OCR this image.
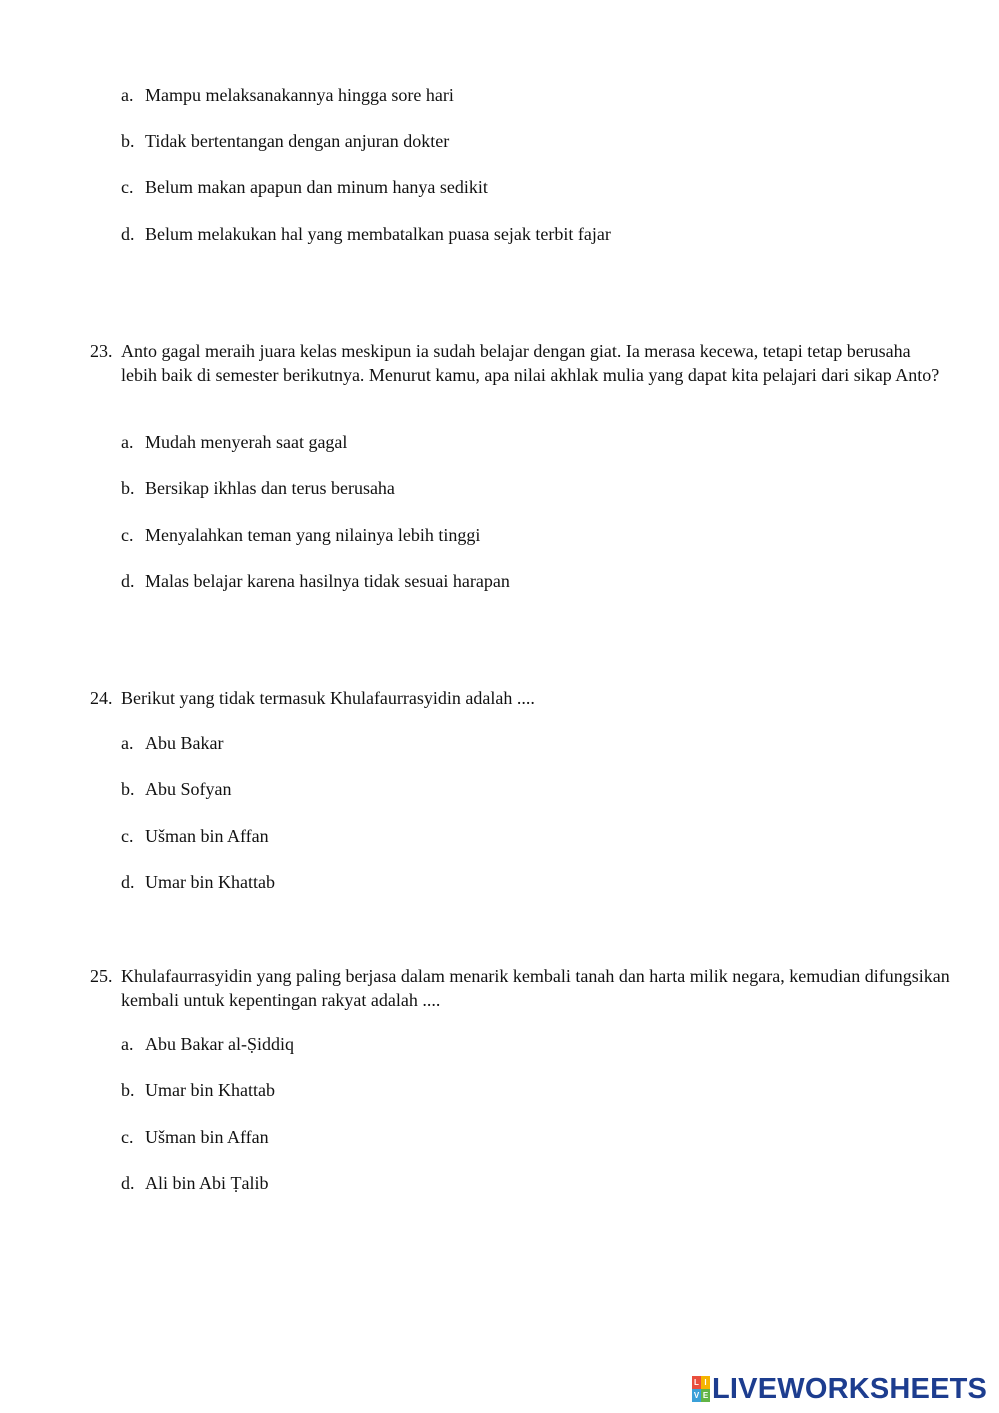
a. Mampu melaksanakannya hingga sore hari
b. Tidak bertentangan dengan anjuran dokter
c. Belum makan apapun dan minum hanya sedikit
d. Belum melakukan hal yang membatalkan puasa sejak terbit fajar
23. Anto gagal meraih juara kelas meskipun ia sudah belajar dengan giat. Ia merasa kecewa, tetapi tetap berusaha lebih baik di semester berikutnya. Menurut kamu, apa nilai akhlak mulia yang dapat kita pelajari dari sikap Anto?
a. Mudah menyerah saat gagal
b. Bersikap ikhlas dan terus berusaha
c. Menyalahkan teman yang nilainya lebih tinggi
d. Malas belajar karena hasilnya tidak sesuai harapan
24. Berikut yang tidak termasuk Khulafaurrasyidin adalah ....
a. Abu Bakar
b. Abu Sofyan
c. Ušman bin Affan
d. Umar bin Khattab
25. Khulafaurrasyidin yang paling berjasa dalam menarik kembali tanah dan harta milik negara, kemudian difungsikan kembali untuk kepentingan rakyat adalah ....
a. Abu Bakar al-Ṣiddiq
b. Umar bin Khattab
c. Ušman bin Affan
d. Ali bin Abi Ṭalib
L I
V E LIVEWORKSHEETS
